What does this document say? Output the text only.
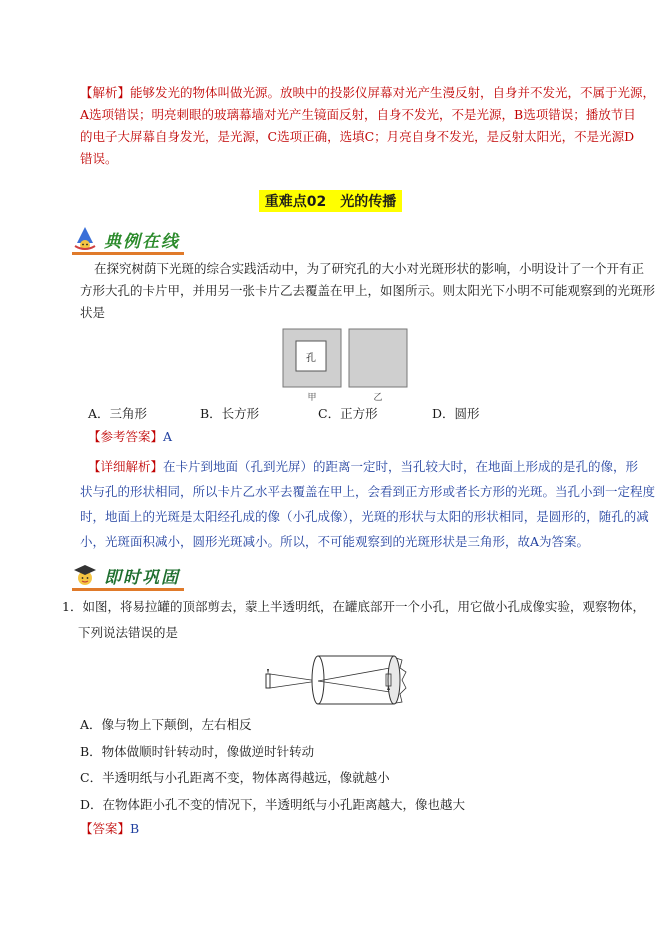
【解析】能够发光的物体叫做光源。放映中的投影仪屏幕对光产生漫反射，自身并不发光，不属于光源，
A选项错误；明亮刺眼的玻璃幕墙对光产生镜面反射，自身不发光，不是光源，B选项错误；播放节目
的电子大屏幕自身发光，是光源，C选项正确，选填C；月亮自身不发光，是反射太阳光，不是光源D
错误。
重难点02　光的传播
典例在线
在探究树荫下光斑的综合实践活动中，为了研究孔的大小对光斑形状的影响，小明设计了一个开有正
方形大孔的卡片甲，并用另一张卡片乙去覆盖在甲上，如图所示。则太阳光下小明不可能观察到的光斑形
状是
孔
甲	乙
A．三角形	B．长方形	C．正方形	D．圆形
【参考答案】A
【详细解析】在卡片到地面（孔到光屏）的距离一定时，当孔较大时，在地面上形成的是孔的像，形
状与孔的形状相同，所以卡片乙水平去覆盖在甲上，会看到正方形或者长方形的光斑。当孔小到一定程度
时，地面上的光斑是太阳经孔成的像（小孔成像），光斑的形状与太阳的形状相同，是圆形的，随孔的减
小，光斑面积减小，圆形光斑减小。所以，不可能观察到的光斑形状是三角形，故A为答案。
即时巩固
1．如图，将易拉罐的顶部剪去，蒙上半透明纸，在罐底部开一个小孔，用它做小孔成像实验，观察物体，
下列说法错误的是
A．像与物上下颠倒，左右相反
B．物体做顺时针转动时，像做逆时针转动
C．半透明纸与小孔距离不变，物体离得越远，像就越小
D．在物体距小孔不变的情况下，半透明纸与小孔距离越大，像也越大
【答案】B
